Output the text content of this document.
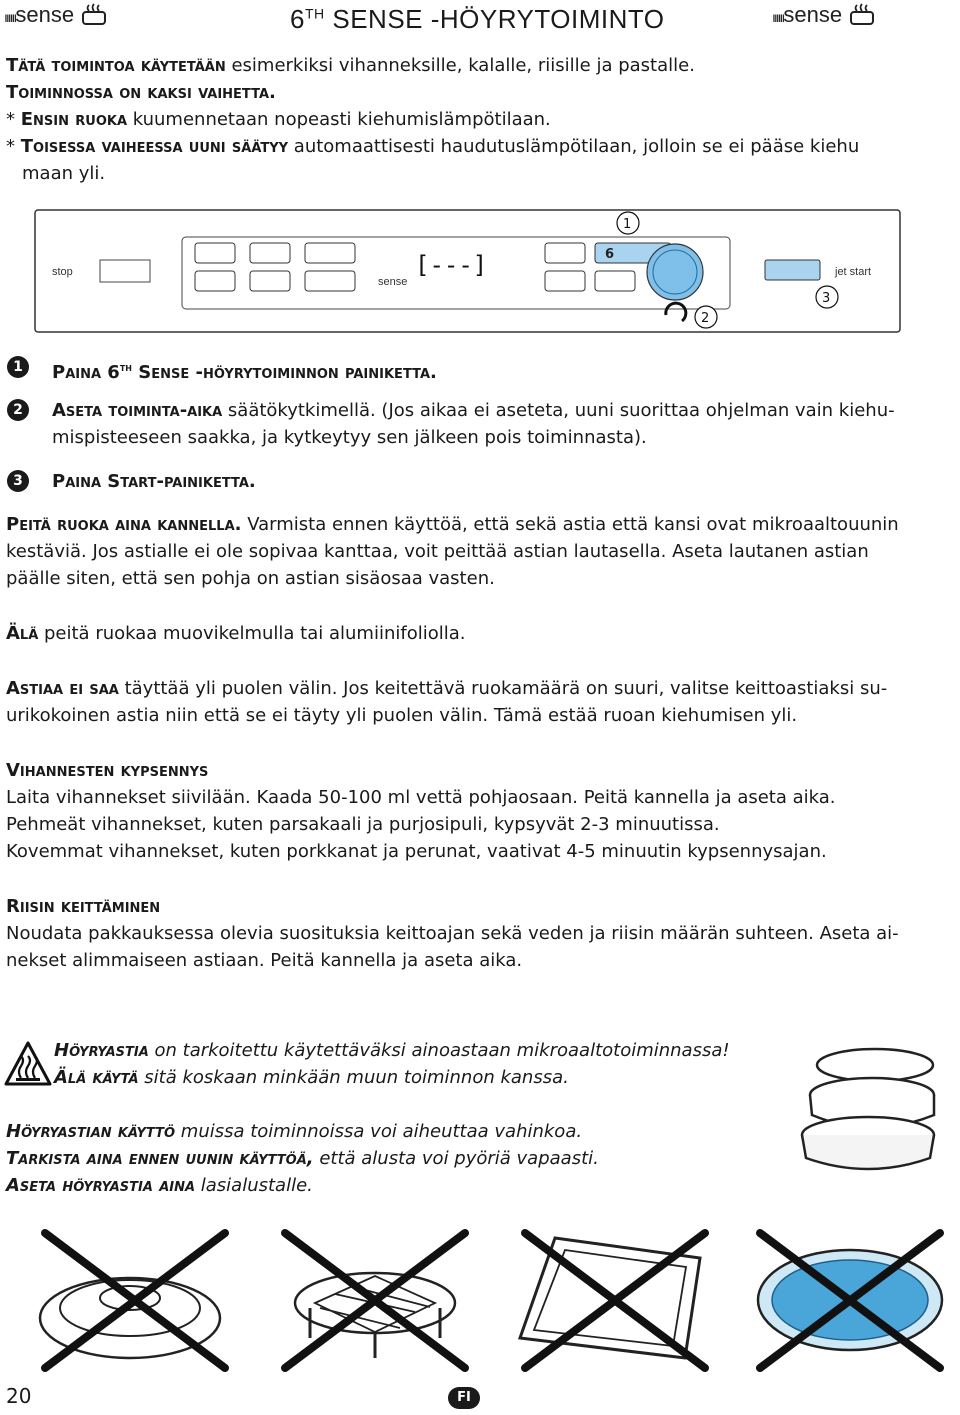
ıııııısense	6TH SENSE -HÖYRYTOIMINTO	ıııııısense

Tätä toimintoa käytetään esimerkiksi vihanneksille, kalalle, riisille ja pastalle.

Toiminnossa on kaksi vaihetta.

* Ensin ruoka kuumennetaan nopeasti kiehumislämpötilaan.

* Toisessa vaiheessa uuni säätyy automaattisesti haudutuslämpötilaan, jolloin se ei pääse kiehu

maan yli.

stop
6
[---]
sense
jet start
1
2
3
1	Paina 6th Sense -höyrytoiminnon painiketta.
2	Aseta toiminta-aika säätökytkimellä. (Jos aikaa ei aseteta, uuni suorittaa ohjelman vain kiehu-
mispisteeseen saakka, ja kytkeytyy sen jälkeen pois toiminnasta).
3	Paina Start-painiketta.

Peitä ruoka aina kannella. Varmista ennen käyttöä, että sekä astia että kansi ovat mikroaaltouunin

kestäviä. Jos astialle ei ole sopivaa kanttaa, voit peittää astian lautasella. Aseta lautanen astian

päälle siten, että sen pohja on astian sisäosaa vasten.

Älä peitä ruokaa muovikelmulla tai alumiinifoliolla.

Astiaa ei saa täyttää yli puolen välin. Jos keitettävä ruokamäärä on suuri, valitse keittoastiaksi su-

urikokoinen astia niin että se ei täyty yli puolen välin. Tämä estää ruoan kiehumisen yli.

Vihannesten kypsennys

Laita vihannekset siivilään. Kaada 50-100 ml vettä pohjaosaan. Peitä kannella ja aseta aika.

Pehmeät vihannekset, kuten parsakaali ja purjosipuli, kypsyvät 2-3 minuutissa.

Kovemmat vihannekset, kuten porkkanat ja perunat, vaativat 4-5 minuutin kypsennysajan.

Riisin keittäminen

Noudata pakkauksessa olevia suosituksia keittoajan sekä veden ja riisin määrän suhteen. Aseta ai-

nekset alimmaiseen astiaan. Peitä kannella ja aseta aika.

Höyryastia on tarkoitettu käytettäväksi ainoastaan mikroaaltotoiminnassa!

Älä käytä sitä koskaan minkään muun toiminnon kanssa.

Höyryastian käyttö muissa toiminnoissa voi aiheuttaa vahinkoa.

Tarkista aina ennen uunin käyttöä, että alusta voi pyöriä vapaasti.

Aseta höyryastia aina lasialustalle.

20	FI
